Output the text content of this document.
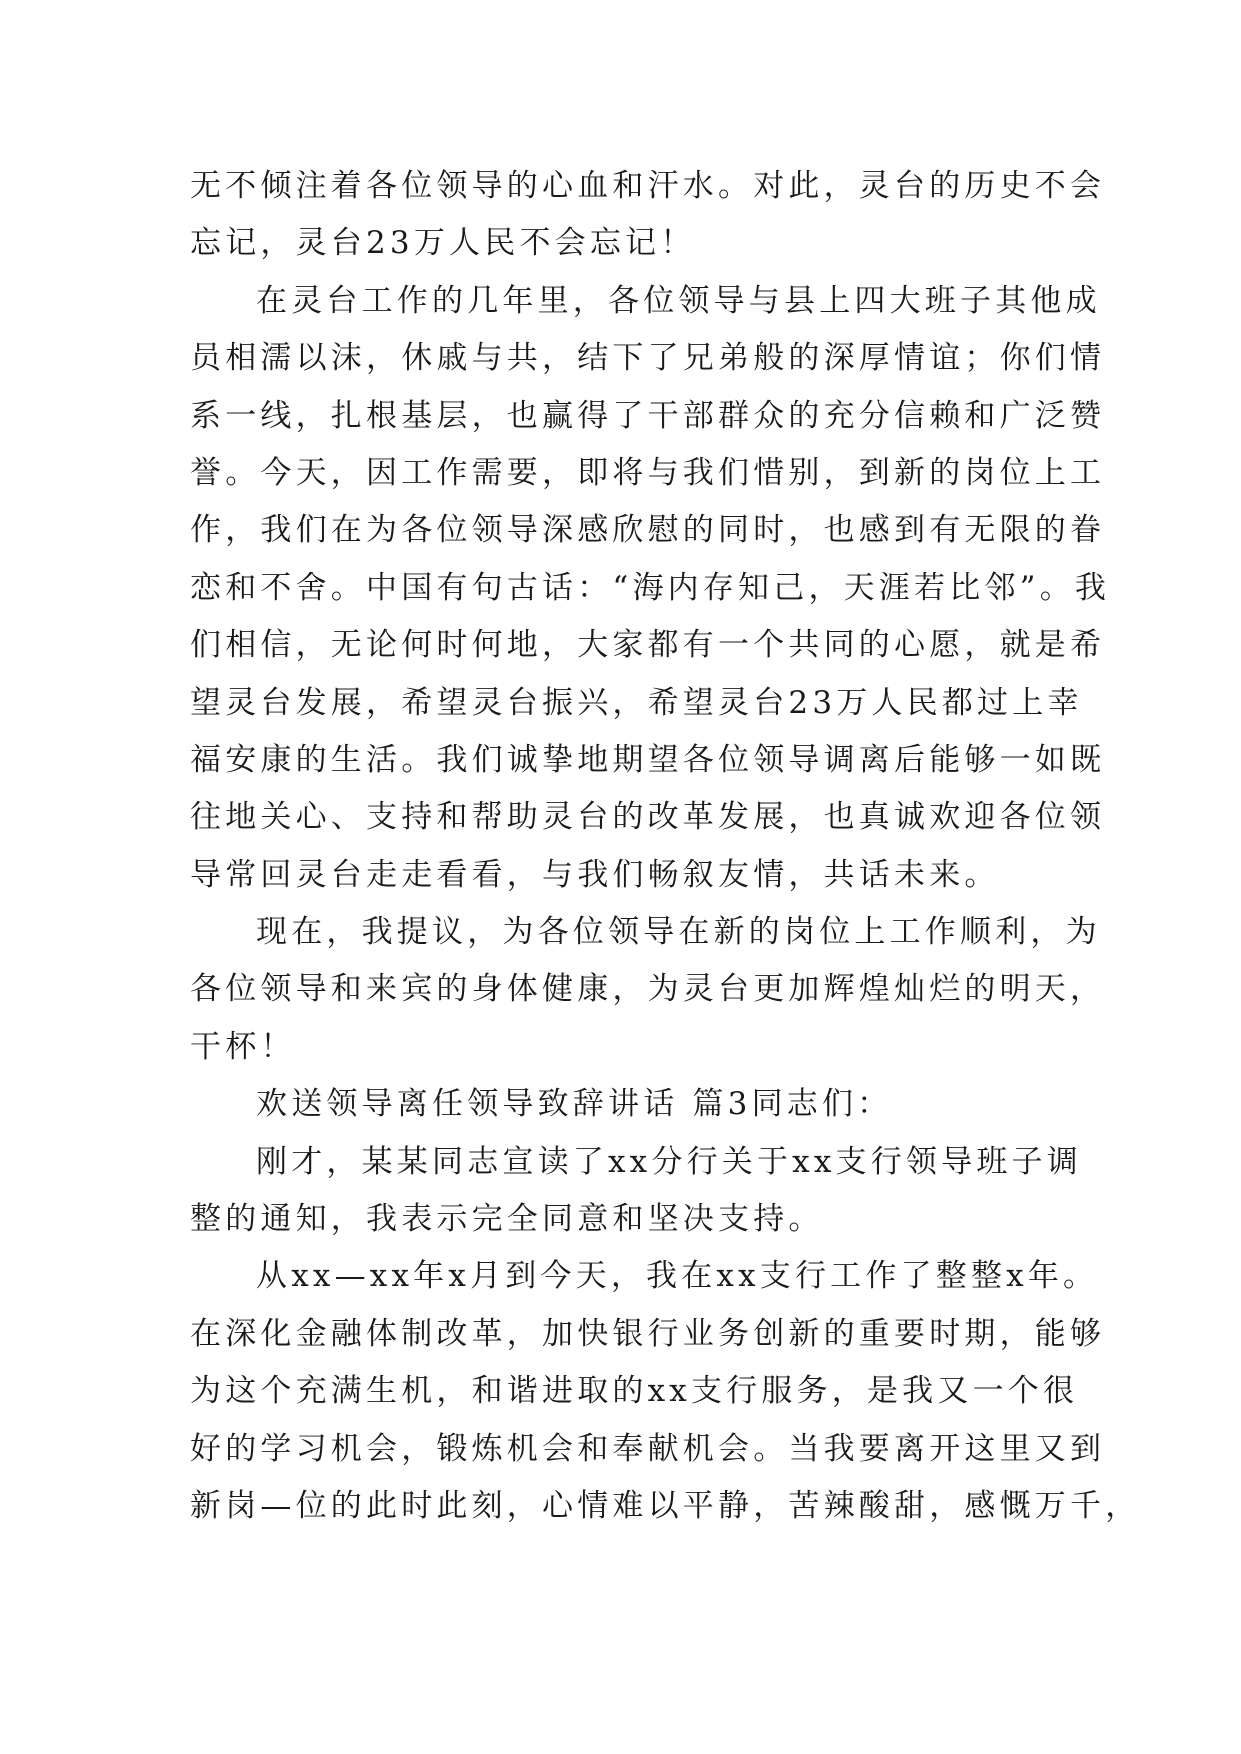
无不倾注着各位领导的心血和汗水。对此，灵台的历史不会
忘记，灵台23万人民不会忘记！
在灵台工作的几年里，各位领导与县上四大班子其他成
员相濡以沫，休戚与共，结下了兄弟般的深厚情谊；你们情
系一线，扎根基层，也赢得了干部群众的充分信赖和广泛赞
誉。今天，因工作需要，即将与我们惜别，到新的岗位上工
作，我们在为各位领导深感欣慰的同时，也感到有无限的眷
恋和不舍。中国有句古话：“海内存知己，天涯若比邻”。我
们相信，无论何时何地，大家都有一个共同的心愿，就是希
望灵台发展，希望灵台振兴，希望灵台23万人民都过上幸
福安康的生活。我们诚挚地期望各位领导调离后能够一如既
往地关心、支持和帮助灵台的改革发展，也真诚欢迎各位领
导常回灵台走走看看，与我们畅叙友情，共话未来。
现在，我提议，为各位领导在新的岗位上工作顺利，为
各位领导和来宾的身体健康，为灵台更加辉煌灿烂的明天，
干杯！
欢送领导离任领导致辞讲话 篇3同志们：
刚才，某某同志宣读了xx分行关于xx支行领导班子调
整的通知，我表示完全同意和坚决支持。
从xx—xx年x月到今天，我在xx支行工作了整整x年。
在深化金融体制改革，加快银行业务创新的重要时期，能够
为这个充满生机，和谐进取的xx支行服务，是我又一个很
好的学习机会，锻炼机会和奉献机会。当我要离开这里又到
新岗—位的此时此刻，心情难以平静，苦辣酸甜，感慨万千，
